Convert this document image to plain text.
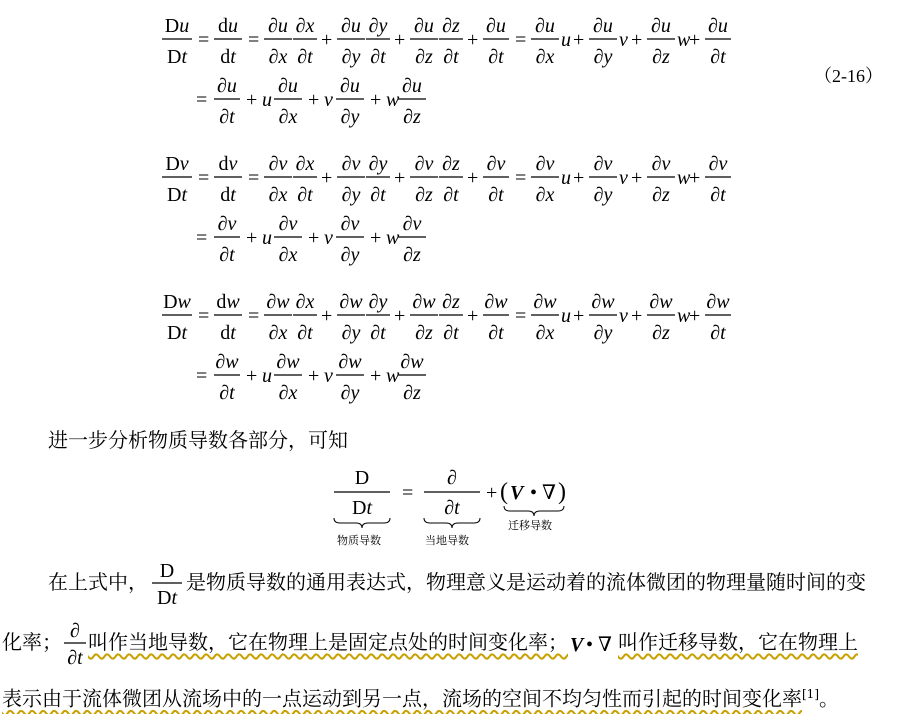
Du
Dt
=
du
dt
=
∂u
∂x
∂x
∂t
+
∂u
∂y
∂y
∂t
+
∂u
∂z
∂z
∂t
+
∂u
∂t
=
∂u
∂x
u +
∂u
∂y
v +
∂u
∂z
w
+
∂u
∂t
=
∂u
∂t
+ u
∂u
∂x
+ v
∂u
∂y
+ w
∂u
∂z
Dv
Dt
=
dv
dt
=
∂v
∂x
∂x
∂t
+
∂v
∂y
∂y
∂t
+
∂v
∂z
∂z
∂t
+
∂v
∂t
=
∂v
∂x
u +
∂v
∂y
v +
∂v
∂z
w
+
∂v
∂t
=
∂v
∂t
+ u
∂v
∂x
+ v
∂v
∂y
+ w
∂v
∂z
Dw
Dt
=
dw
dt
=
∂w
∂x
∂x
∂t
+
∂w
∂y
∂y
∂t
+
∂w
∂z
∂z
∂t
+
∂w
∂t
=
∂w
∂x
u +
∂w
∂y
v +
∂w
∂z
w
+
∂w
∂t
=
∂w
∂t
+ u
∂w
∂x
+ v
∂w
∂y
+ w
∂w
∂z
（2-16）
进一步分析物质导数各部分，可知
D
Dt
=
∂
∂t
+ ( V • ∇ )
物质导数	当地导数
迁移导数
在上式中， D
Dt
是物质导数的通用表达式，物理意义是运动着的流体微团的物理量随时间的变
化率； ∂
∂t
叫作当地导数，它在物理上是固定点处的时间变化率； V • ∇ 叫作迁移导数，它在物理上
表示由于流体微团从流场中的一点运动到另一点，流场的空间不均匀性而引起的时间变化率[1]。
